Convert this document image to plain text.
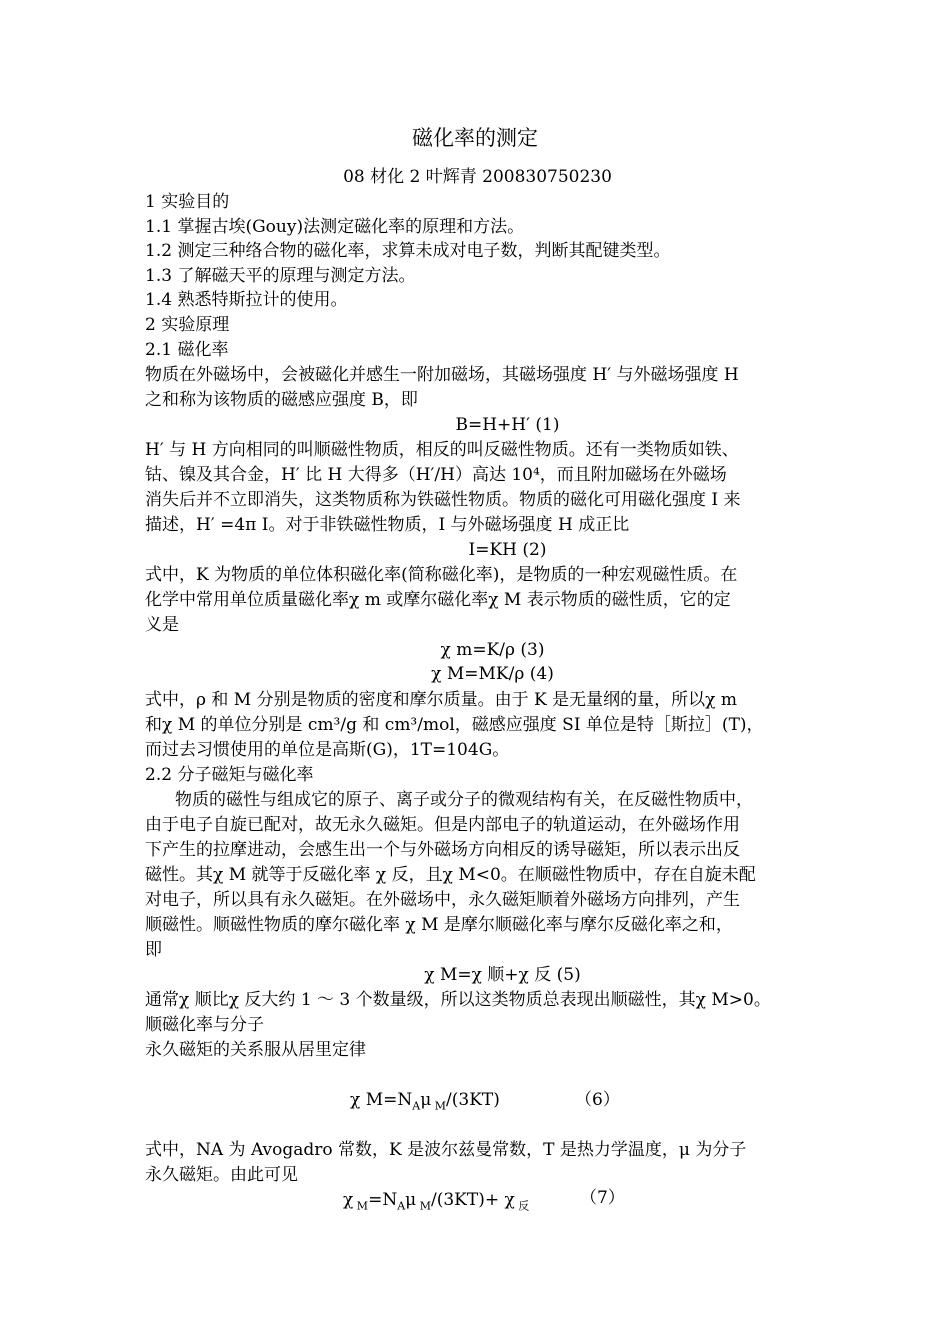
磁化率的测定
08 材化 2 叶辉青 200830750230
1 实验目的
1.1 掌握古埃(Gouy)法测定磁化率的原理和方法。
1.2 测定三种络合物的磁化率，求算未成对电子数，判断其配键类型。
1.3 了解磁天平的原理与测定方法。
1.4 熟悉特斯拉计的使用。
2 实验原理
2.1 磁化率
物质在外磁场中，会被磁化并感生一附加磁场，其磁场强度 H′ 与外磁场强度 H
之和称为该物质的磁感应强度 B，即
B=H+H′ (1)
H′ 与 H 方向相同的叫顺磁性物质，相反的叫反磁性物质。还有一类物质如铁、
钴、镍及其合金，H′ 比 H 大得多（H′/H）高达 10⁴，而且附加磁场在外磁场
消失后并不立即消失，这类物质称为铁磁性物质。物质的磁化可用磁化强度 I 来
描述，H′ =4π I。对于非铁磁性物质，I 与外磁场强度 H 成正比
I=KH (2)
式中，K 为物质的单位体积磁化率(简称磁化率)，是物质的一种宏观磁性质。在
化学中常用单位质量磁化率χ m 或摩尔磁化率χ M 表示物质的磁性质，它的定
义是
χ m=K/ρ (3)
χ M=MK/ρ (4)
式中，ρ 和 M 分别是物质的密度和摩尔质量。由于 K 是无量纲的量，所以χ m
和χ M 的单位分别是 cm³/g 和 cm³/mol，磁感应强度 SI 单位是特［斯拉］(T)，
而过去习惯使用的单位是高斯(G)，1T=104G。
2.2 分子磁矩与磁化率
物质的磁性与组成它的原子、离子或分子的微观结构有关，在反磁性物质中，
由于电子自旋已配对，故无永久磁矩。但是内部电子的轨道运动，在外磁场作用
下产生的拉摩进动，会感生出一个与外磁场方向相反的诱导磁矩，所以表示出反
磁性。其χ M 就等于反磁化率 χ 反，且χ M<0。在顺磁性物质中，存在自旋未配
对电子，所以具有永久磁矩。在外磁场中，永久磁矩顺着外磁场方向排列，产生
顺磁性。顺磁性物质的摩尔磁化率 χ M 是摩尔顺磁化率与摩尔反磁化率之和，
即
χ M=χ 顺+χ 反 (5)
通常χ 顺比χ 反大约 1 ～ 3 个数量级，所以这类物质总表现出顺磁性，其χ M>0。
顺磁化率与分子
永久磁矩的关系服从居里定律
χ $M=N_A\mu$ $_M$/(3KT)	（6）
式中，NA 为 Avogadro 常数，K 是波尔兹曼常数，T 是热力学温度，μ 为分子
永久磁矩。由此可见
χ $_M=N_A\mu$ $_M$/(3KT)+ χ $_反$	（7）
